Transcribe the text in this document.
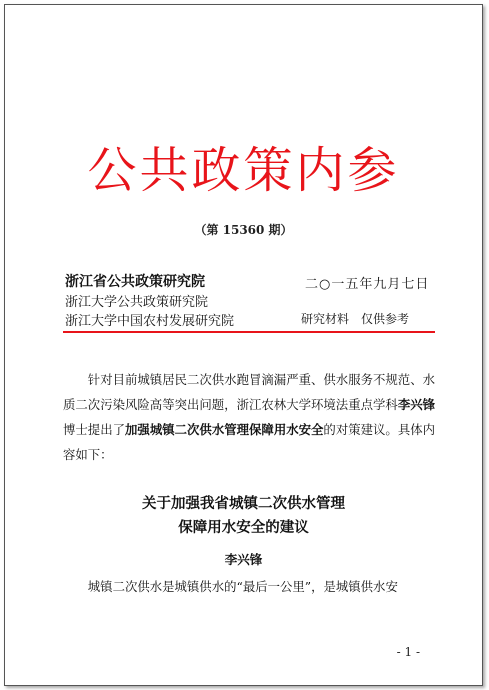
公共政策内参
（第 15360 期）
浙江省公共政策研究院
浙江大学公共政策研究院
浙江大学中国农村发展研究院
二○一五年九月七日
研究材料　仅供参考
针对目前城镇居民二次供水跑冒滴漏严重、供水服务不规范、水质二次污染风险高等突出问题，浙江农林大学环境法重点学科李兴锋博士提出了加强城镇二次供水管理保障用水安全的对策建议。具体内容如下：
关于加强我省城镇二次供水管理
保障用水安全的建议
李兴锋
城镇二次供水是城镇供水的“最后一公里”，是城镇供水安
- 1 -
